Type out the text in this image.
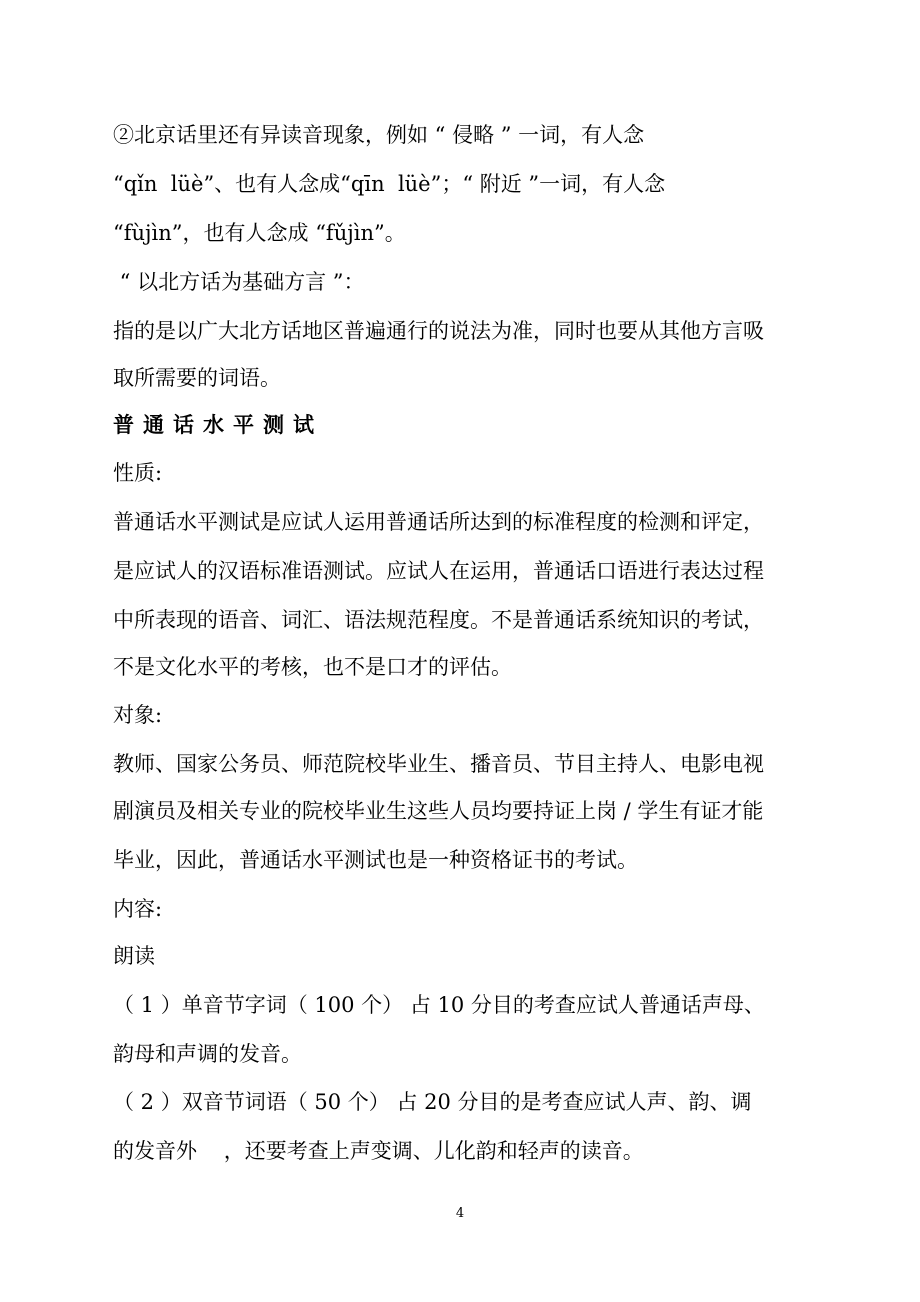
②北京话里还有异读音现象，例如 “ 侵略 ” 一词，有人念
“qǐn  lüè”、也有人念成“qīn  lüè”；“ 附近 ”一词，有人念
“fùjìn”，也有人念成 “fǔjìn”。
“ 以北方话为基础方言 ”：
指的是以广大北方话地区普遍通行的说法为准，同时也要从其他方言吸
取所需要的词语。
普通话水平测试
性质:
普通话水平测试是应试人运用普通话所达到的标准程度的检测和评定，
是应试人的汉语标准语测试。应试人在运用，普通话口语进行表达过程
中所表现的语音、词汇、语法规范程度。不是普通话系统知识的考试，
不是文化水平的考核，也不是口才的评估。
对象:
教师、国家公务员、师范院校毕业生、播音员、节目主持人、电影电视
剧演员及相关专业的院校毕业生这些人员均要持证上岗 / 学生有证才能
毕业，因此，普通话水平测试也是一种资格证书的考试。
内容:
朗读
（ 1 ）单音节字词（ 100 个） 占 10 分目的考查应试人普通话声母、
韵母和声调的发音。
（ 2 ）双音节词语（ 50 个） 占 20 分目的是考查应试人声、韵、调
的发音外    ，还要考查上声变调、儿化韵和轻声的读音。
4
